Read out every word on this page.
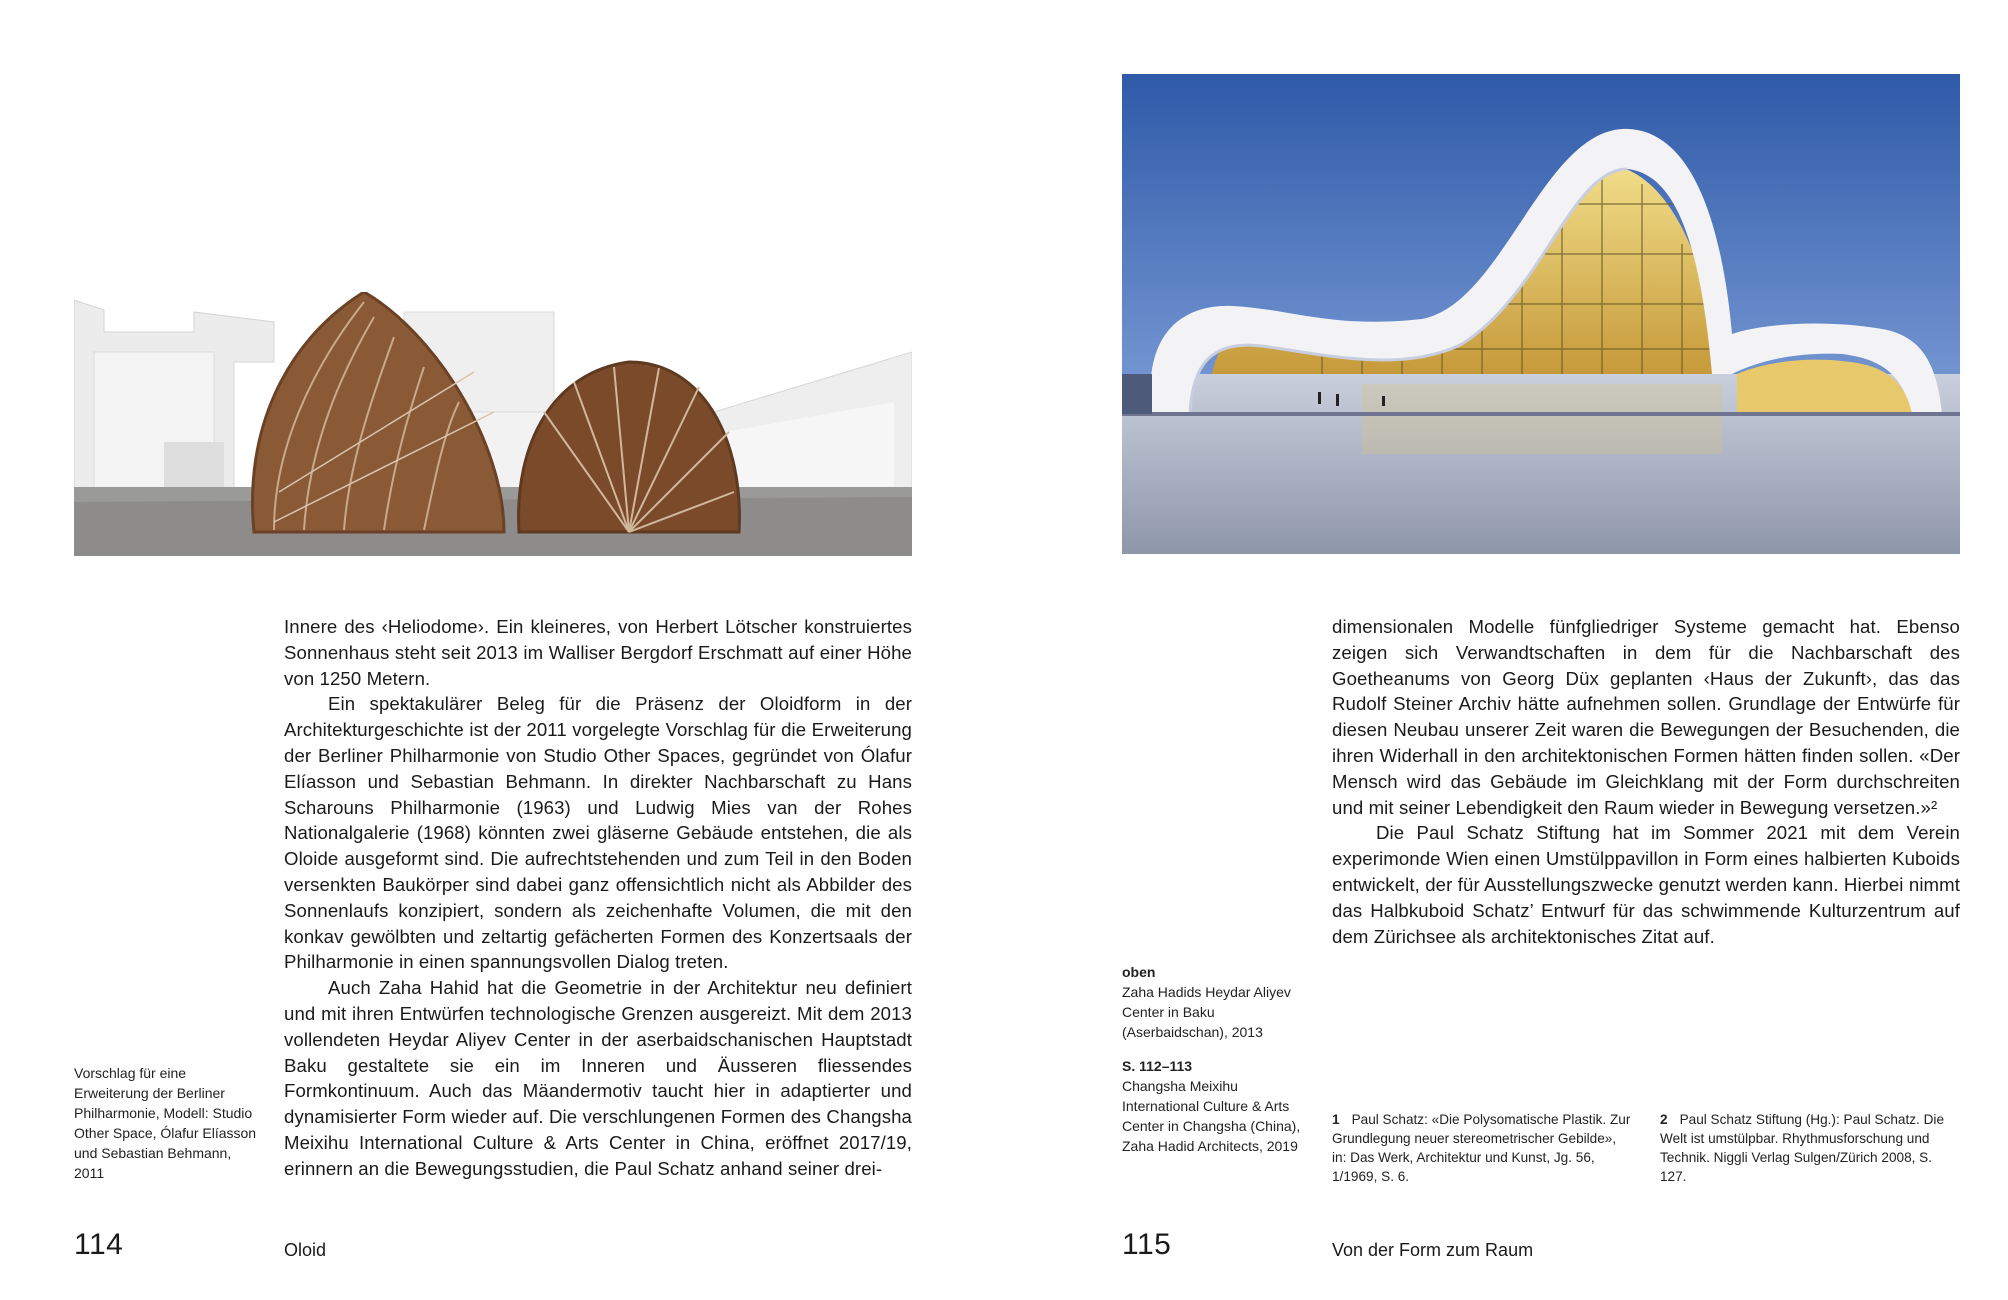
Innere des ‹Heliodome›. Ein kleineres, von Herbert Lötscher konstruiertes Sonnenhaus steht seit 2013 im Walliser Bergdorf Erschmatt auf einer Höhe von 1250 Metern.

Ein spektakulärer Beleg für die Präsenz der Oloidform in der Architekturgeschichte ist der 2011 vorgelegte Vorschlag für die Erweiterung der Berliner Philharmonie von Studio Other Spaces, gegründet von Ólafur Elíasson und Sebastian Behmann. In direkter Nachbarschaft zu Hans Scharouns Philharmonie (1963) und Ludwig Mies van der Rohes Nationalgalerie (1968) könnten zwei gläserne Gebäude entstehen, die als Oloide ausgeformt sind. Die aufrechtstehenden und zum Teil in den Boden versenkten Baukörper sind dabei ganz offensichtlich nicht als Abbilder des Sonnenlaufs konzipiert, sondern als zeichenhafte Volumen, die mit den konkav gewölbten und zeltartig gefächerten Formen des Konzertsaals der Philharmonie in einen spannungsvollen Dialog treten.

Auch Zaha Hahid hat die Geometrie in der Architektur neu definiert und mit ihren Entwürfen technologische Grenzen ausgereizt. Mit dem 2013 vollendeten Heydar Aliyev Center in der aserbaidschanischen Hauptstadt Baku gestaltete sie ein im Inneren und Äusseren fliessendes Formkontinuum. Auch das Mäandermotiv taucht hier in adaptierter und dynamisierter Form wieder auf. Die verschlungenen Formen des Changsha Meixihu International Culture & Arts Center in China, eröffnet 2017/19, erinnern an die Bewegungsstudien, die Paul Schatz anhand seiner drei-

Vorschlag für eine Erweiterung der Berliner Philharmonie, Modell: Studio Other Space, Ólafur Elíasson und Sebastian Behmann, 2011
114	Oloid

dimensionalen Modelle fünfgliedriger Systeme gemacht hat. Ebenso zeigen sich Verwandtschaften in dem für die Nachbarschaft des Goetheanums von Georg Düx geplanten ‹Haus der Zukunft›, das das Rudolf Steiner Archiv hätte aufnehmen sollen. Grundlage der Entwürfe für diesen Neubau unserer Zeit waren die Bewegungen der Besuchenden, die ihren Widerhall in den architektonischen Formen hätten finden sollen. «Der Mensch wird das Gebäude im Gleichklang mit der Form durchschreiten und mit seiner Lebendigkeit den Raum wieder in Bewegung versetzen.»²

Die Paul Schatz Stiftung hat im Sommer 2021 mit dem Verein experimonde Wien einen Umstülppavillon in Form eines halbierten Kuboids entwickelt, der für Ausstellungszwecke genutzt werden kann. Hierbei nimmt das Halbkuboid Schatz’ Entwurf für das schwimmende Kulturzentrum auf dem Zürichsee als architektonisches Zitat auf.

oben
Zaha Hadids Heydar Aliyev Center in Baku (Aserbaidschan), 2013
S. 112–113
Changsha Meixihu International Culture & Arts Center in Changsha (China), Zaha Hadid Architects, 2019
1 Paul Schatz: «Die Polysomatische Plastik. Zur Grundlegung neuer stereometrischer Gebilde», in: Das Werk, Architektur und Kunst, Jg. 56, 1/1969, S. 6.
2 Paul Schatz Stiftung (Hg.): Paul Schatz. Die Welt ist umstülpbar. Rhythmusforschung und Technik. Niggli Verlag Sulgen/Zürich 2008, S. 127.
115	Von der Form zum Raum
